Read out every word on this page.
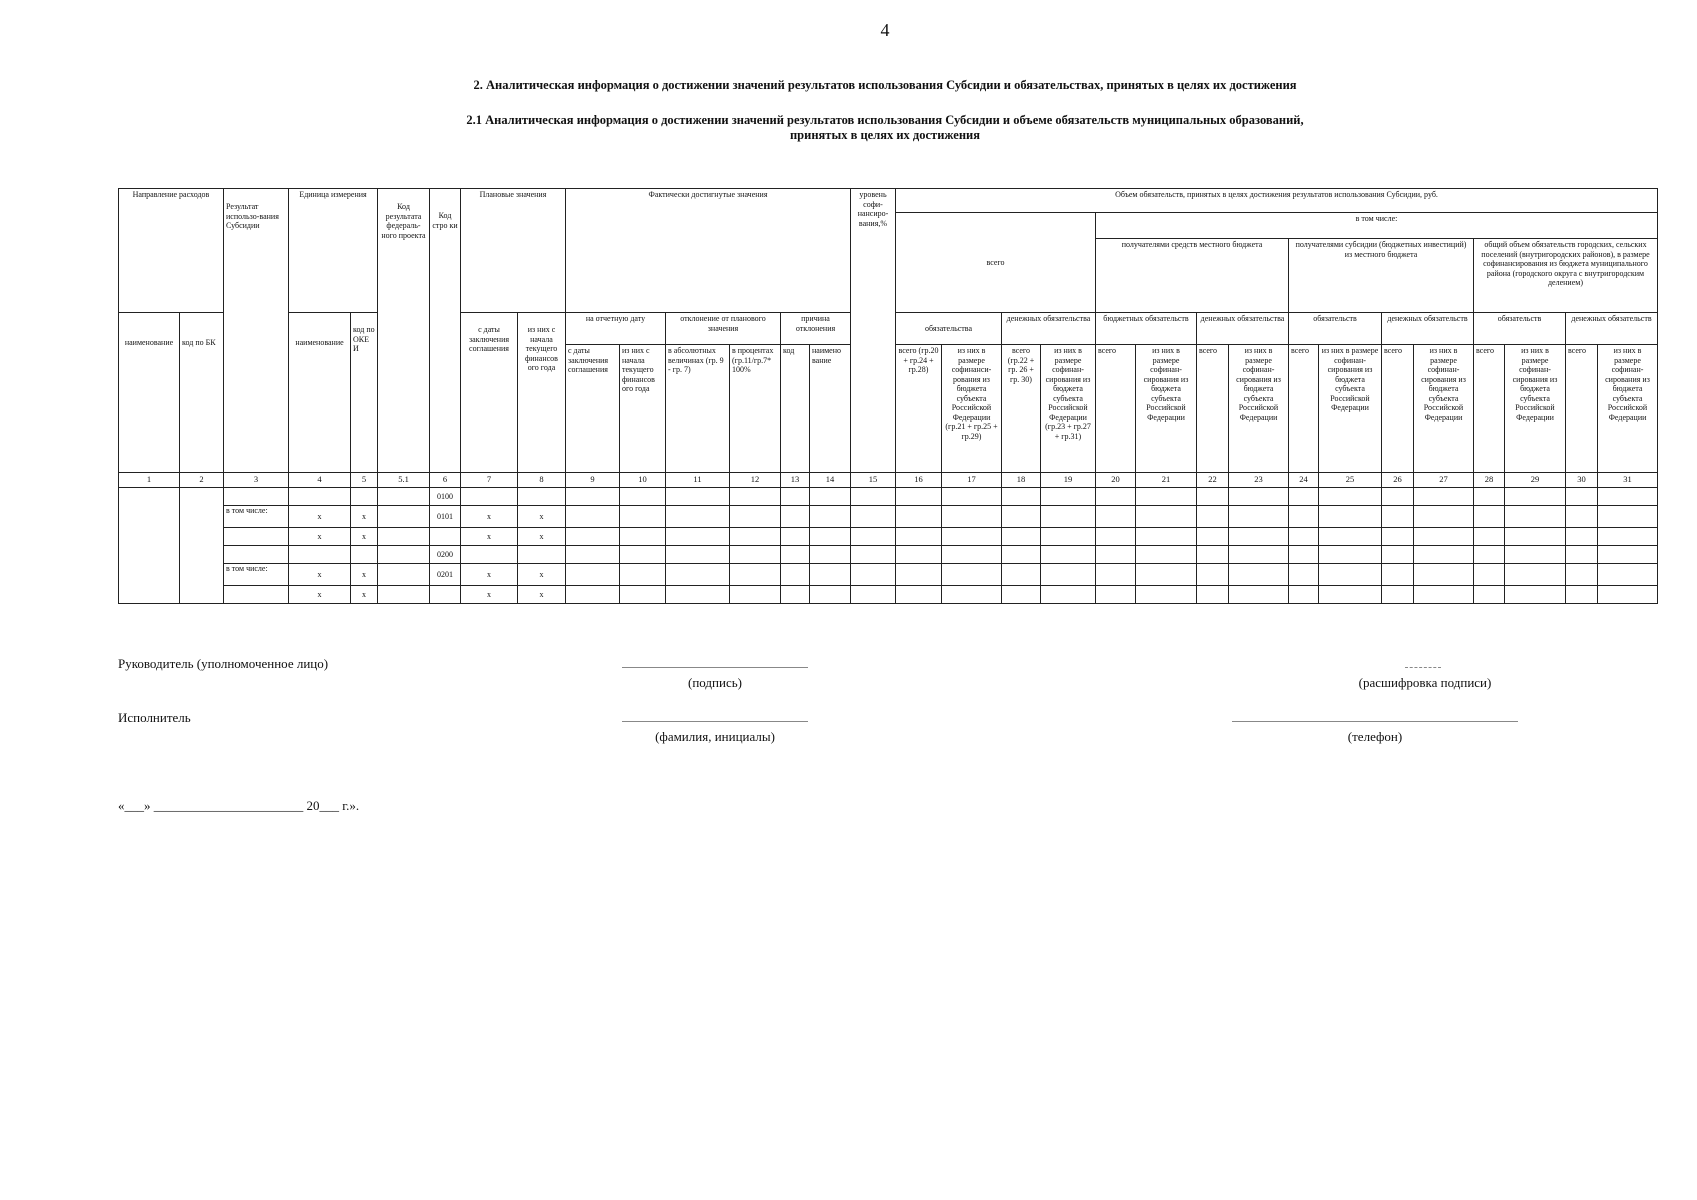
4
2. Аналитическая информация о достижении значений результатов использования Субсидии и обязательствах, принятых в целях их достижения
2.1 Аналитическая информация о достижении значений результатов использования Субсидии и объеме обязательств муниципальных образований,
принятых в целях их достижения
Направление расходов		Результат использо-вания Субсидии	Единица измерения		Код результата федераль-ного проекта	Код стро ки	Плановые значения		Фактически достигнутые значения						уровень софи-нансиро-вания,%	Объем обязательств, принятых в целях достижения результатов использования Субсидии, руб.															
																всего				в том числе:											
																				получателями средств местного бюджета				получателями субсидии (бюджетных инвестиций) из местного бюджета				общий объем обязательств городских, сельских поселений (внутригородских районов), в размере софинансирования из бюджета муниципального района (городского округа с внутригородским делением)			
наименование	код по БК		наименование	код по ОКЕ И			с даты заключения соглашения	из них с начала текущего финансов ого года	на отчетную дату		отклонение от планового значения		причина отклонения			обязательства		денежных обязательства		бюджетных обязательств		денежных обязательства		обязательств		денежных обязательств		обязательств		денежных обязательств	
									с даты заключения соглашения	из них с начала текущего финансов ого года	в абсолютных величинах (гр. 9 - гр. 7)	в процентах (гр.11/гр.7* 100%	код	наимено вание		всего (гр.20 + гр.24 + гр.28)	из них в размере софинанси-рования из бюджета субъекта Российской Федерации (гр.21 + гр.25 + гр.29)	всего (гр.22 + гр. 26 + гр. 30)	из них в размере софинан-сирования из бюджета субъекта Российской Федерации (гр.23 + гр.27 + гр.31)	всего	из них в размере софинан-сирования из бюджета субъекта Российской Федерации	всего	из них в размере софинан-сирования из бюджета субъекта Российской Федерации	всего	из них в размере софинан-сирования из бюджета субъекта Российской Федерации	всего	из них в размере софинан-сирования из бюджета субъекта Российской Федерации	всего	из них в размере софинан-сирования из бюджета субъекта Российской Федерации	всего	из них в размере софинан-сирования из бюджета субъекта Российской Федерации
1	2	3	4	5	5.1	6	7	8	9	10	11	12	13	14	15	16	17	18	19	20	21	22	23	24	25	26	27	28	29	30	31
						0100																									
		в том числе:	x	x		0101	x	x																							
			x	x			x	x																							
						0200																									
		в том числе:	x	x		0201	x	x																							
			x	x			x	x																							
Руководитель (уполномоченное лицо)
(подпись)	(расшифровка подписи)
Исполнитель
(фамилия, инициалы)	(телефон)
«___» _______________________ 20___ г.».
